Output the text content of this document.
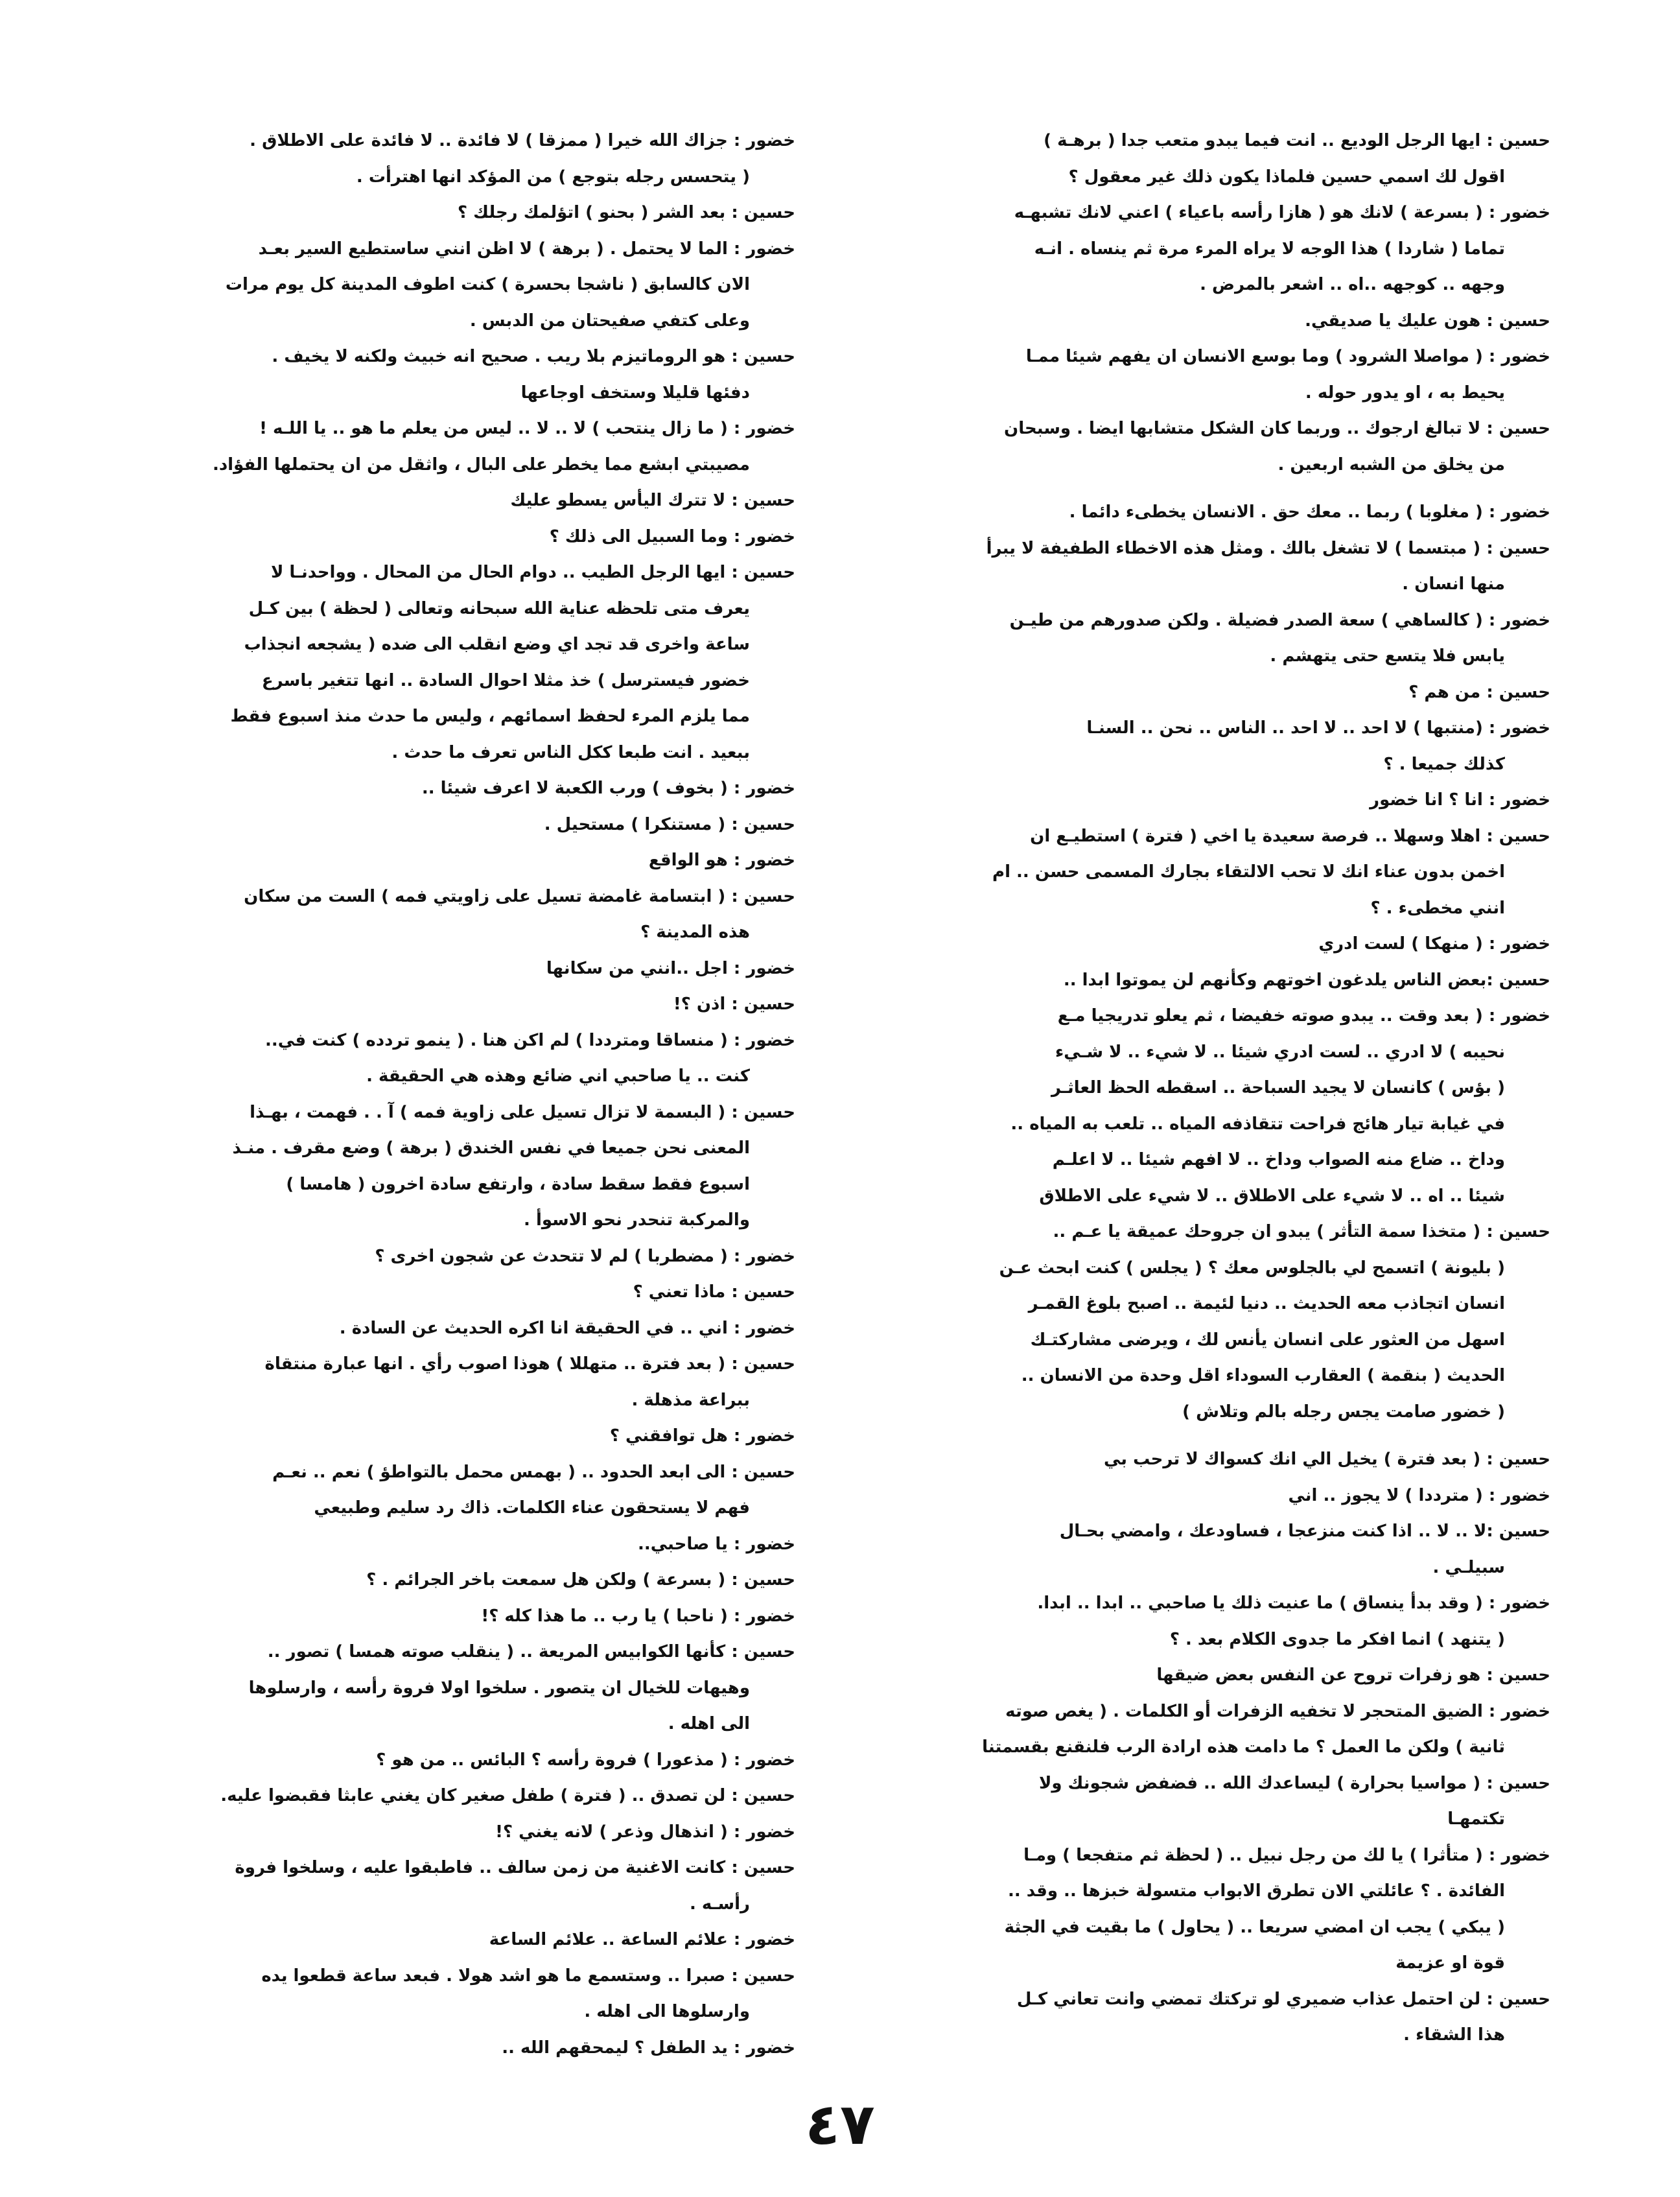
حسين : ايها الرجل الوديع .. انت فيما يبدو متعب جدا ( برهـة )
اقول لك اسمي حسين فلماذا يكون ذلك غير معقول ؟
خضور : ( بسرعة ) لانك هو ( هازا رأسه باعياء ) اعني لانك تشبهـه
تماما ( شاردا ) هذا الوجه لا يراه المرء مرة ثم ينساه . انـه
وجهه .. كوجهه ..اه .. اشعر بالمرض .
حسين : هون عليك يا صديقي.
خضور : ( مواصلا الشرود ) وما بوسع الانسان ان يفهم شيئا ممـا
يحيط به ، او يدور حوله .
حسين : لا تبالغ ارجوك .. وربما كان الشكل متشابها ايضا . وسبحان
من يخلق من الشبه اربعين .
خضور : ( مغلوبا ) ربما .. معك حق . الانسان يخطىء دائما .
حسين : ( مبتسما ) لا تشغل بالك . ومثل هذه الاخطاء الطفيفة لا يبرأ
منها انسان .
خضور : ( كالساهي ) سعة الصدر فضيلة . ولكن صدورهم من طيـن
يابس فلا يتسع حتى يتهشم .
حسين : من هم ؟
خضور : (منتبها ) لا احد .. لا احد .. الناس .. نحن .. السنـا
كذلك جميعا . ؟
خضور : انا ؟ انا خضور
حسين : اهلا وسهلا .. فرصة سعيدة يا اخي ( فترة ) استطيـع ان
اخمن بدون عناء انك لا تحب الالتقاء بجارك المسمى حسن .. ام
انني مخطىء . ؟
خضور : ( منهكا ) لست ادري
حسين :بعض الناس يلدغون اخوتهم وكأنهم لن يموتوا ابدا ..
خضور : ( بعد وقت .. يبدو صوته خفيضا ، ثم يعلو تدريجيا مـع
نحيبه ) لا ادري .. لست ادري شيئا .. لا شيء .. لا شـيء
( بؤس ) كانسان لا يجيد السباحة .. اسقطه الحظ العاثـر
في غيابة تيار هائج فراحت تتقاذفه المياه .. تلعب به المياه ..
وداخ .. ضاع منه الصواب وداخ .. لا افهم شيئا .. لا اعلـم
شيئا .. اه .. لا شيء على الاطلاق .. لا شيء على الاطلاق
حسين : ( متخذا سمة التأثر ) يبدو ان جروحك عميقة يا عـم ..
( بليونة ) اتسمح لي بالجلوس معك ؟ ( يجلس ) كنت ابحث عـن
انسان اتجاذب معه الحديث .. دنيا لئيمة .. اصبح بلوغ القمـر
اسهل من العثور على انسان يأنس لك ، ويرضى مشاركتـك
الحديث ( بنقمة ) العقارب السوداء اقل وحدة من الانسان ..
( خضور صامت يجس رجله بالم وتلاش )
حسين : ( بعد فترة ) يخيل الي انك كسواك لا ترحب بي
خضور : ( مترددا ) لا يجوز .. اني
حسين :لا .. لا .. اذا كنت منزعجا ، فساودعك ، وامضي بحـال
سبيلـي .
خضور : ( وقد بدأ ينساق ) ما عنيت ذلك يا صاحبي .. ابدا .. ابدا.
( يتنهد ) انما افكر ما جدوى الكلام بعد . ؟
حسين : هو زفرات تروح عن النفس بعض ضيقها
خضور : الضيق المتحجر لا تخفيه الزفرات أو الكلمات . ( يغص صوته
ثانية ) ولكن ما العمل ؟ ما دامت هذه ارادة الرب فلنقنع بقسمتنا
حسين : ( مواسيا بحرارة ) ليساعدك الله .. فضفض شجونك ولا
تكتمهـا
خضور : ( متأثرا ) يا لك من رجل نبيل .. ( لحظة ثم متفجعا ) ومـا
الفائدة . ؟ عائلتي الان تطرق الابواب متسولة خبزها .. وقد ..
( يبكي ) يجب ان امضي سريعا .. ( يحاول ) ما بقيت في الجثة
قوة او عزيمة
حسين : لن احتمل عذاب ضميري لو تركتك تمضي وانت تعاني كـل
هذا الشقاء .
خضور : جزاك الله خيرا ( ممزقا ) لا فائدة .. لا فائدة على الاطلاق .
( يتحسس رجله بتوجع ) من المؤكد انها اهترأت .
حسين : بعد الشر ( بحنو ) اتؤلمك رجلك ؟
خضور : الما لا يحتمل . ( برهة ) لا اظن انني ساستطيع السير بعـد
الان كالسابق ( ناشجا بحسرة ) كنت اطوف المدينة كل يوم مرات
وعلى كتفي صفيحتان من الدبس .
حسين : هو الروماتيزم بلا ريب . صحيح انه خبيث ولكنه لا يخيف .
دفئها قليلا وستخف اوجاعها
خضور : ( ما زال ينتحب ) لا .. لا .. ليس من يعلم ما هو .. يا اللـه !
مصيبتي ابشع مما يخطر على البال ، واثقل من ان يحتملها الفؤاد.
حسين : لا تترك اليأس يسطو عليك
خضور : وما السبيل الى ذلك ؟
حسين : ايها الرجل الطيب .. دوام الحال من المحال . وواحدنـا لا
يعرف متى تلحظه عناية الله سبحانه وتعالى ( لحظة ) بين كـل
ساعة واخرى قد تجد اي وضع انقلب الى ضده ( يشجعه انجذاب
خضور فيسترسل ) خذ مثلا احوال السادة .. انها تتغير باسرع
مما يلزم المرء لحفظ اسمائهم ، وليس ما حدث منذ اسبوع فقط
ببعيد . انت طبعا ككل الناس تعرف ما حدث .
خضور : ( بخوف ) ورب الكعبة لا اعرف شيئا ..
حسين : ( مستنكرا ) مستحيل .
خضور : هو الواقع
حسين : ( ابتسامة غامضة تسيل على زاويتي فمه ) الست من سكان
هذه المدينة ؟
خضور : اجل ..انني من سكانها
حسين : اذن ؟!
خضور : ( منساقا ومترددا ) لم اكن هنا . ( ينمو تردده ) كنت في..
كنت .. يا صاحبي اني ضائع وهذه هي الحقيقة .
حسين : ( البسمة لا تزال تسيل على زاوية فمه ) آ . . فهمت ، بهـذا
المعنى نحن جميعا في نفس الخندق ( برهة ) وضع مقرف . منـذ
اسبوع فقط سقط سادة ، وارتفع سادة اخرون ( هامسا )
والمركبة تنحدر نحو الاسوأ .
خضور : ( مضطربا ) لم لا تتحدث عن شجون اخرى ؟
حسين : ماذا تعني ؟
خضور : اني .. في الحقيقة انا اكره الحديث عن السادة .
حسين : ( بعد فترة .. متهللا ) هوذا اصوب رأي . انها عبارة منتقاة
ببراعة مذهلة .
خضور : هل توافقني ؟
حسين : الى ابعد الحدود .. ( بهمس محمل بالتواطؤ ) نعم .. نعـم
فهم لا يستحقون عناء الكلمات. ذاك رد سليم وطبيعي
خضور : يا صاحبي..
حسين : ( بسرعة ) ولكن هل سمعت باخر الجرائم . ؟
خضور : ( ناحبا ) يا رب .. ما هذا كله ؟!
حسين : كأنها الكوابيس المريعة .. ( ينقلب صوته همسا ) تصور ..
وهيهات للخيال ان يتصور . سلخوا اولا فروة رأسه ، وارسلوها
الى اهله .
خضور : ( مذعورا ) فروة رأسه ؟ البائس .. من هو ؟
حسين : لن تصدق .. ( فترة ) طفل صغير كان يغني عابثا فقبضوا عليه.
خضور : ( انذهال وذعر ) لانه يغني ؟!
حسين : كانت الاغنية من زمن سالف .. فاطبقوا عليه ، وسلخوا فروة
رأسـه .
خضور : علائم الساعة .. علائم الساعة
حسين : صبرا .. وستسمع ما هو اشد هولا . فبعد ساعة قطعوا يده
وارسلوها الى اهله .
خضور : يد الطفل ؟ ليمحقهم الله ..
٤٧
